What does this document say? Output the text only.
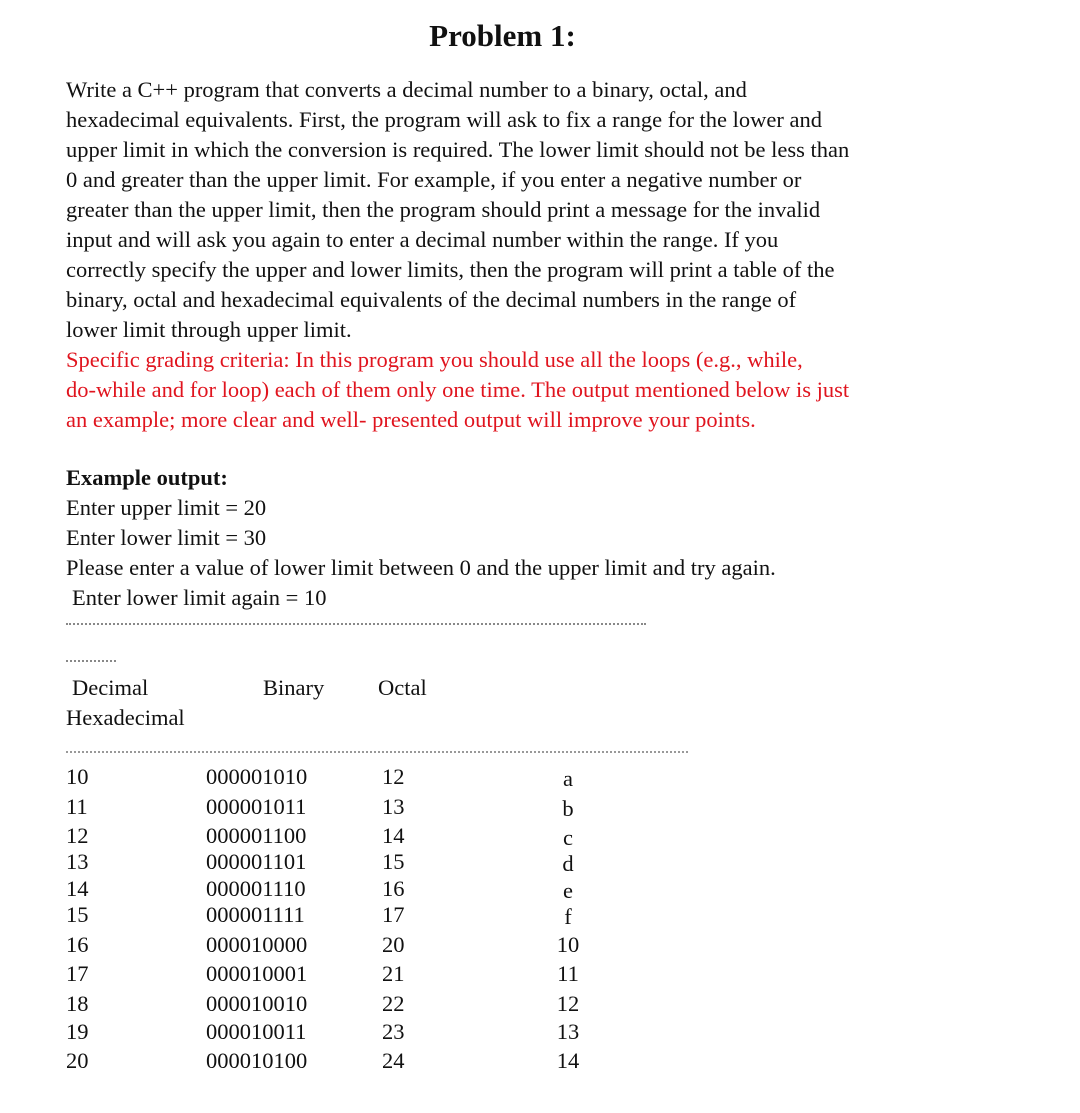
Problem 1:
Write a C++ program that converts a decimal number to a binary, octal, and
hexadecimal equivalents. First, the program will ask to fix a range for the lower and
upper limit in which the conversion is required. The lower limit should not be less than
0 and greater than the upper limit. For example, if you enter a negative number or
greater than the upper limit, then the program should print a message for the invalid
input and will ask you again to enter a decimal number within the range. If you
correctly specify the upper and lower limits, then the program will print a table of the
binary, octal and hexadecimal equivalents of the decimal numbers in the range of
lower limit through upper limit.
Specific grading criteria: In this program you should use all the loops (e.g., while,
do-while and for loop) each of them only one time. The output mentioned below is just
an example; more clear and well- presented output will improve your points.
Example output:
Enter upper limit = 20
Enter lower limit = 30
Please enter a value of lower limit between 0 and the upper limit and try again.
Enter lower limit again = 10
Decimal	Binary Octal
Hexadecimal
10
11
12
13
14
15
16
17
18
19
20
000001010
000001011
000001100
000001101
000001110
000001111
000010000
000010001
000010010
000010011
000010100
12
13
14
15
16
17
20
21
22
23
24
a
b
c
d
e
f
10
11
12
13
14
